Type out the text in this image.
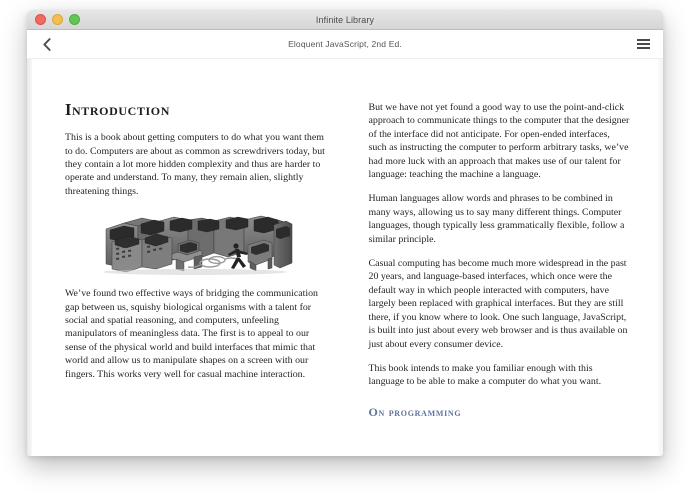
Infinite Library
Eloquent JavaScript, 2nd Ed.
Introduction

This is a book about getting computers to do what you want them to do. Computers are about as common as screwdrivers today, but they contain a lot more hidden complexity and thus are harder to operate and understand. To many, they remain alien, slightly threatening things.

We’ve found two effective ways of bridging the communication gap between us, squishy biological organisms with a talent for social and spatial reasoning, and computers, unfeeling manipulators of meaningless data. The first is to appeal to our sense of the physical world and build interfaces that mimic that world and allow us to manipulate shapes on a screen with our fingers. This works very well for casual machine interaction.

But we have not yet found a good way to use the point-and-click approach to communicate things to the computer that the designer of the interface did not anticipate. For open-ended interfaces, such as instructing the computer to perform arbitrary tasks, we’ve had more luck with an approach that makes use of our talent for language: teaching the machine a language.

Human languages allow words and phrases to be combined in many ways, allowing us to say many different things. Computer languages, though typically less grammatically flexible, follow a similar principle.

Casual computing has become much more widespread in the past 20 years, and language-based interfaces, which once were the default way in which people interacted with computers, have largely been replaced with graphical interfaces. But they are still there, if you know where to look. One such language, JavaScript, is built into just about every web browser and is thus available on just about every consumer device.

This book intends to make you familiar enough with this language to be able to make a computer do what you want.

On programming
